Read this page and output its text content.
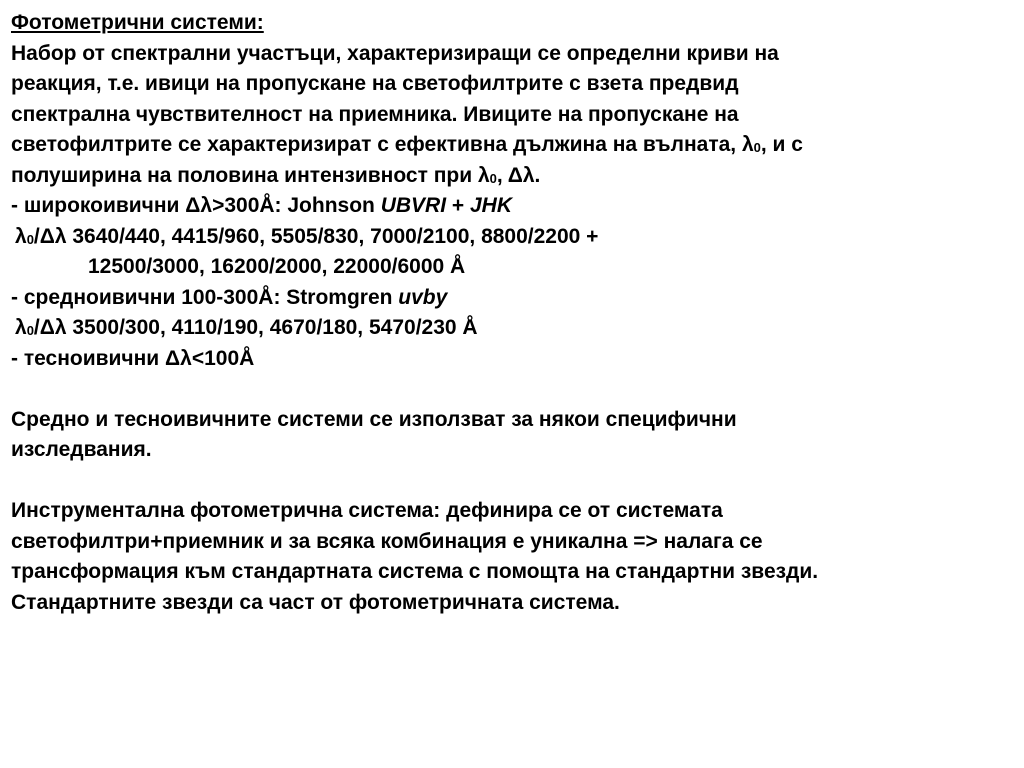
Фотометрични системи:
Набор от спектрални участъци, характеризиращи се определни криви на
реакция, т.е. ивици на пропускане на светофилтрите с взета предвид
спектрална чувствителност на приемника. Ивиците на пропускане на
светофилтрите се характеризират с ефективна дължина на вълната, λ0, и с
полуширина на половина интензивност при λ0, Δλ.
- широкоивични Δλ>300Å: Johnson UBVRI + JHK
λ0/Δλ 3640/440, 4415/960, 5505/830, 7000/2100, 8800/2200 +
12500/3000, 16200/2000, 22000/6000 Å
- средноивични 100-300Å: Stromgren uvby
λ0/Δλ 3500/300, 4110/190, 4670/180, 5470/230 Å
- тесноивични Δλ<100Å
Средно и тесноивичните системи се използват за някои специфични
изследвания.
Инструментална фотометрична система: дефинира се от системата
светофилтри+приемник и за всяка комбинация е уникална => налага се
трансформация към стандартната система с помощта на стандартни звезди.
Стандартните звезди са част от фотометричната система.
